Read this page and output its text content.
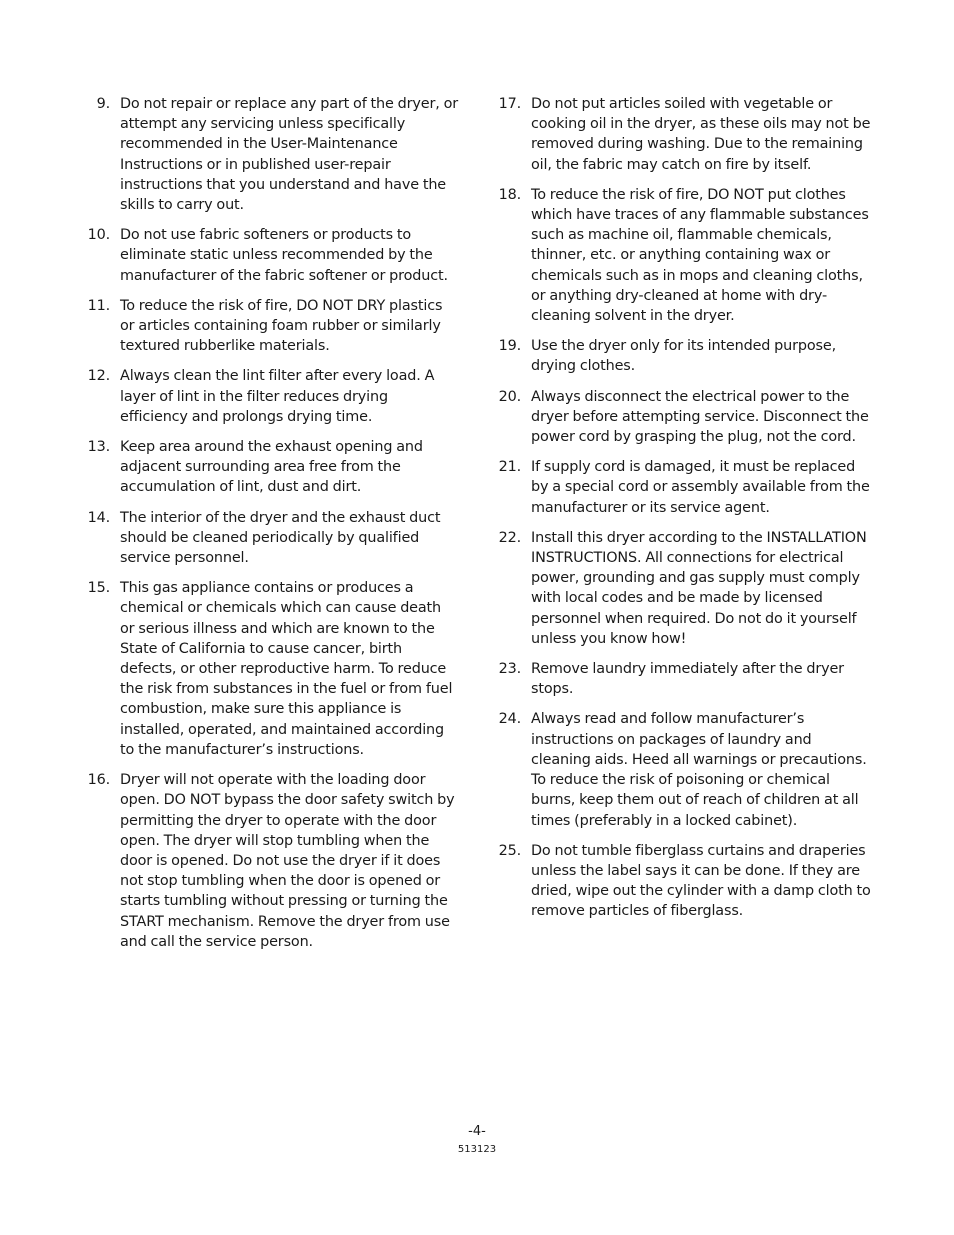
9. Do not repair or replace any part of the dryer, or attempt any servicing unless specifically recommended in the User-Maintenance Instructions or in published user-repair instructions that you understand and have the skills to carry out.
10. Do not use fabric softeners or products to eliminate static unless recommended by the manufacturer of the fabric softener or product.
11. To reduce the risk of fire, DO NOT DRY plastics or articles containing foam rubber or similarly textured rubberlike materials.
12. Always clean the lint filter after every load. A layer of lint in the filter reduces drying efficiency and prolongs drying time.
13. Keep area around the exhaust opening and adjacent surrounding area free from the accumulation of lint, dust and dirt.
14. The interior of the dryer and the exhaust duct should be cleaned periodically by qualified service personnel.
15. This gas appliance contains or produces a chemical or chemicals which can cause death or serious illness and which are known to the State of California to cause cancer, birth defects, or other reproductive harm. To reduce the risk from substances in the fuel or from fuel combustion, make sure this appliance is installed, operated, and maintained according to the manufacturer’s instructions.
16. Dryer will not operate with the loading door open. DO NOT bypass the door safety switch by permitting the dryer to operate with the door open. The dryer will stop tumbling when the door is opened. Do not use the dryer if it does not stop tumbling when the door is opened or starts tumbling without pressing or turning the START mechanism. Remove the dryer from use and call the service person.
17. Do not put articles soiled with vegetable or cooking oil in the dryer, as these oils may not be removed during washing. Due to the remaining oil, the fabric may catch on fire by itself.
18. To reduce the risk of fire, DO NOT put clothes which have traces of any flammable substances such as machine oil, flammable chemicals, thinner, etc. or anything containing wax or chemicals such as in mops and cleaning cloths, or anything dry-cleaned at home with dry-cleaning solvent in the dryer.
19. Use the dryer only for its intended purpose, drying clothes.
20. Always disconnect the electrical power to the dryer before attempting service. Disconnect the power cord by grasping the plug, not the cord.
21. If supply cord is damaged, it must be replaced by a special cord or assembly available from the manufacturer or its service agent.
22. Install this dryer according to the INSTALLATION INSTRUCTIONS. All connections for electrical power, grounding and gas supply must comply with local codes and be made by licensed personnel when required. Do not do it yourself unless you know how!
23. Remove laundry immediately after the dryer stops.
24. Always read and follow manufacturer’s instructions on packages of laundry and cleaning aids. Heed all warnings or precautions. To reduce the risk of poisoning or chemical burns, keep them out of reach of children at all times (preferably in a locked cabinet).
25. Do not tumble fiberglass curtains and draperies unless the label says it can be done. If they are dried, wipe out the cylinder with a damp cloth to remove particles of fiberglass.
-4-
513123
